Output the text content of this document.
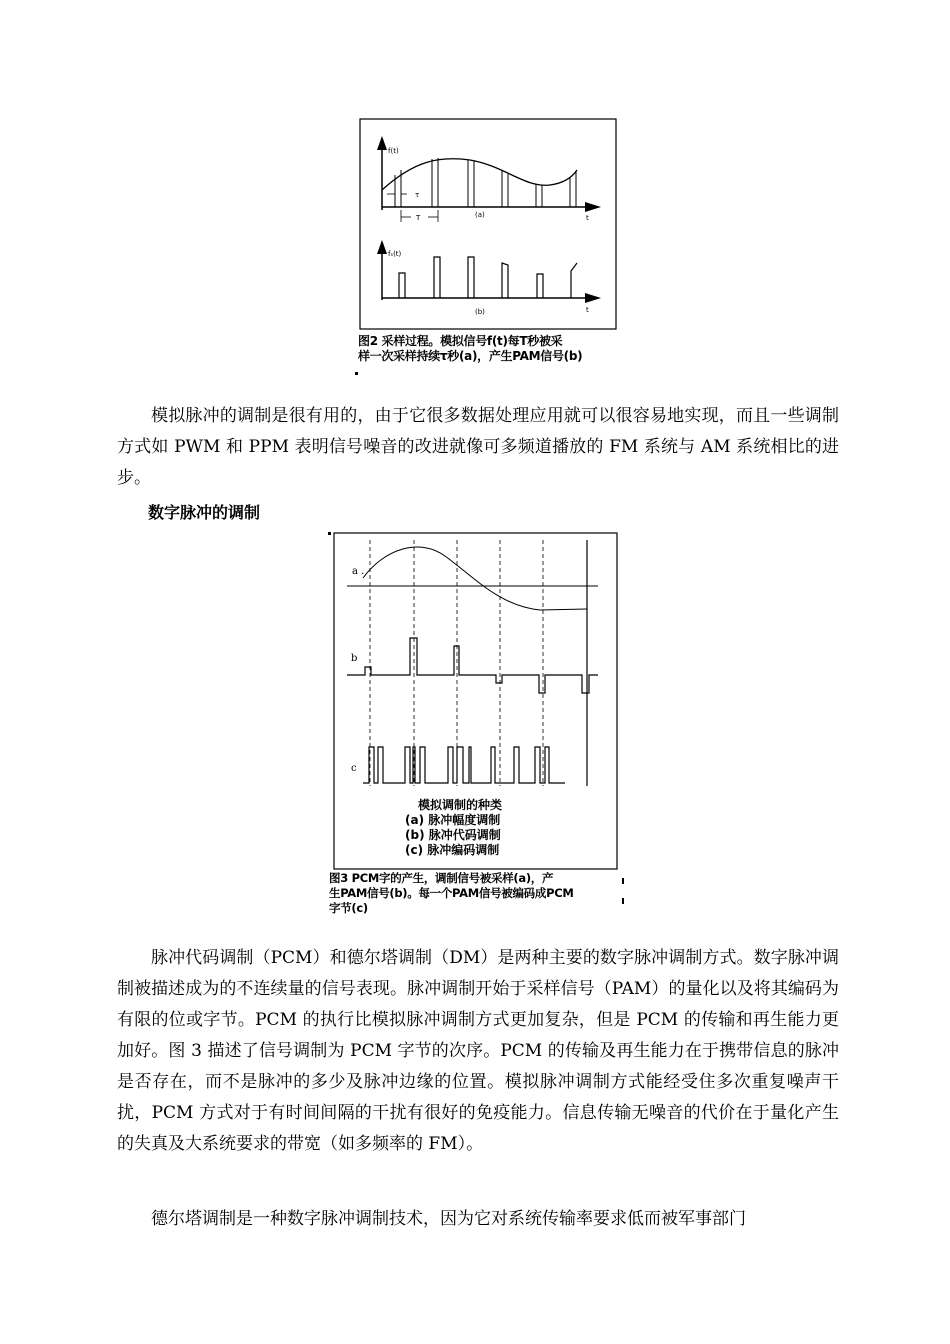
f(t)
τ
T	(a)	t
fₛ(t)
(b)	t
图2 采样过程。模拟信号f(t)每T秒被采
样一次采样持续τ秒(a)，产生PAM信号(b)
模拟脉冲的调制是很有用的，由于它很多数据处理应用就可以很容易地实现，而且一些调制方式如 PWM 和 PPM 表明信号噪音的改进就像可多频道播放的 FM 系统与 AM 系统相比的进步。
数字脉冲的调制
a .
b
c
模拟调制的种类
(a) 脉冲幅度调制
(b) 脉冲代码调制
(c) 脉冲编码调制
图3 PCM字的产生，调制信号被采样(a)，产
生PAM信号(b)。每一个PAM信号被编码成PCM
字节(c)
脉冲代码调制（PCM）和德尔塔调制（DM）是两种主要的数字脉冲调制方式。数字脉冲调制被描述成为的不连续量的信号表现。脉冲调制开始于采样信号（PAM）的量化以及将其编码为有限的位或字节。PCM 的执行比模拟脉冲调制方式更加复杂，但是 PCM 的传输和再生能力更加好。图 3 描述了信号调制为 PCM 字节的次序。PCM 的传输及再生能力在于携带信息的脉冲是否存在，而不是脉冲的多少及脉冲边缘的位置。模拟脉冲调制方式能经受住多次重复噪声干扰，PCM 方式对于有时间间隔的干扰有很好的免疫能力。信息传输无噪音的代价在于量化产生的失真及大系统要求的带宽（如多频率的 FM）。
德尔塔调制是一种数字脉冲调制技术，因为它对系统传输率要求低而被军事部门
